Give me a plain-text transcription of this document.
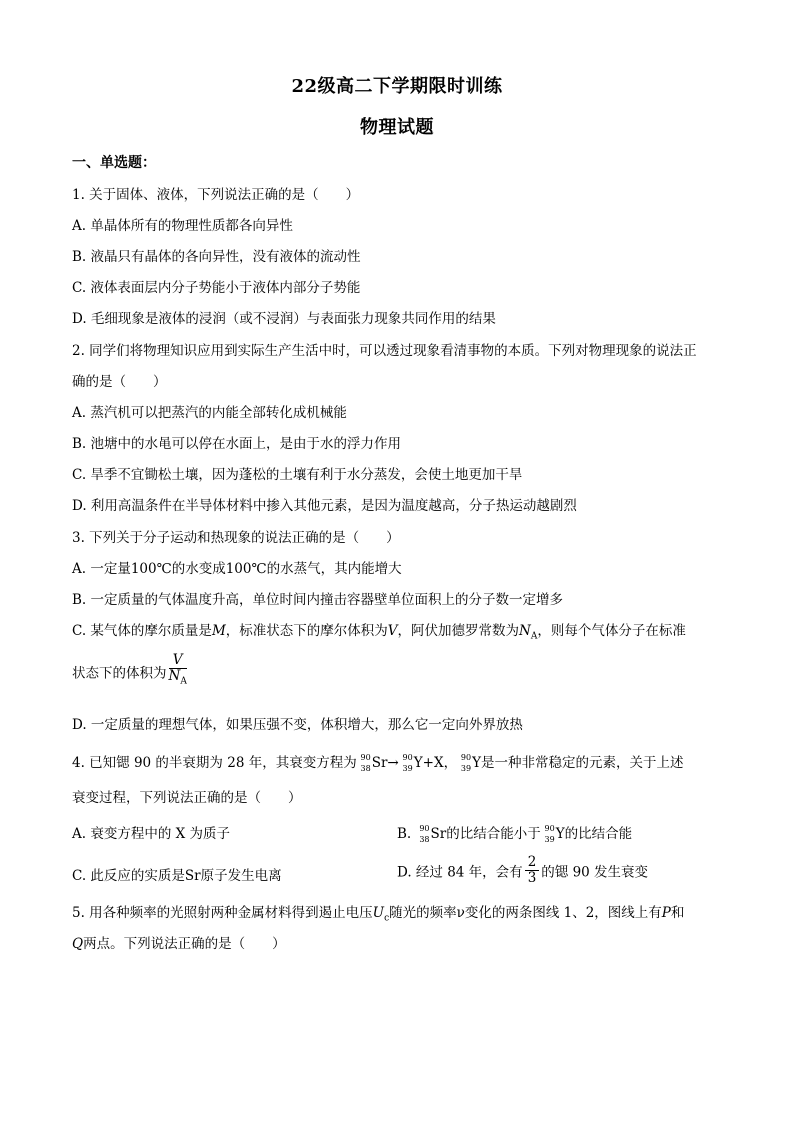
22级高二下学期限时训练
物理试题
一、单选题：
1. 关于固体、液体，下列说法正确的是（　　）
A. 单晶体所有的物理性质都各向异性
B. 液晶只有晶体的各向异性，没有液体的流动性
C. 液体表面层内分子势能小于液体内部分子势能
D. 毛细现象是液体的浸润（或不浸润）与表面张力现象共同作用的结果
2. 同学们将物理知识应用到实际生产生活中时，可以透过现象看清事物的本质。下列对物理现象的说法正
确的是（　　）
A. 蒸汽机可以把蒸汽的内能全部转化成机械能
B. 池塘中的水黾可以停在水面上，是由于水的浮力作用
C. 旱季不宜锄松土壤，因为蓬松的土壤有利于水分蒸发，会使土地更加干旱
D. 利用高温条件在半导体材料中掺入其他元素，是因为温度越高，分子热运动越剧烈
3. 下列关于分子运动和热现象的说法正确的是（　　）
A. 一定量100℃的水变成100℃的水蒸气，其内能增大
B. 一定质量的气体温度升高，单位时间内撞击容器壁单位面积上的分子数一定增多
C. 某气体的摩尔质量是M，标准状态下的摩尔体积为V，阿伏加德罗常数为$N_A$，则每个气体分子在标准
状态下的体积为 $\frac{V}{N_A}$
D. 一定质量的理想气体，如果压强不变，体积增大，那么它一定向外界放热
4. 已知锶 90 的半衰期为 28 年，其衰变方程为 90
38 Sr→ 90
39 Y+X， 90
39 Y是一种非常稳定的元素，关于上述
衰变过程，下列说法正确的是（　　）
A. 衰变方程中的 X 为质子	B. 90
38 Sr的比结合能小于 90
39 Y的比结合能
C. 此反应的实质是Sr原子发生电离	D. 经过 84 年，会有 $\frac{2}{3}$ 的锶 90 发生衰变
5. 用各种频率的光照射两种金属材料得到遏止电压$U_c$随光的频率ν变化的两条图线 1、2，图线上有P和
Q两点。下列说法正确的是（　　）
